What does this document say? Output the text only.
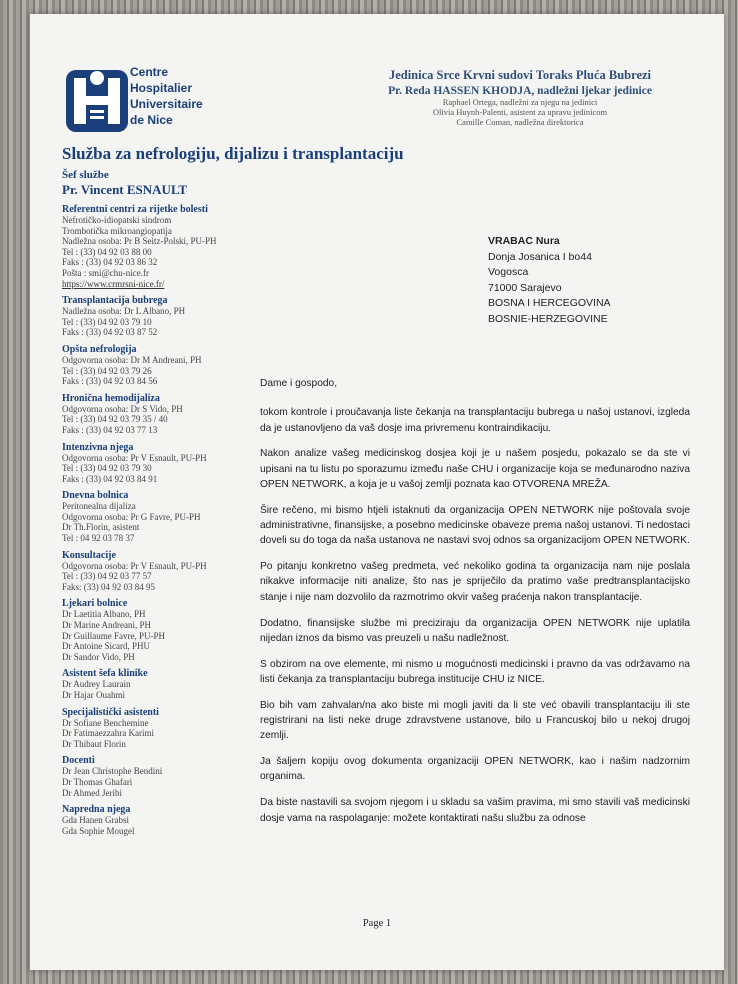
Centre
Hospitalier
Universitaire
de Nice
Jedinica Srce Krvni sudovi Toraks Pluća Bubrezi
Pr. Reda HASSEN KHODJA, nadležni ljekar jedinice
Raphael Ortega, nadležni za njegu na jedinici
Olivia Huynh-Palenti, asistent za upravu jedinicom
Camille Coman, nadležna direktorica
Služba za nefrologiju, dijalizu i transplantaciju
Šef službe
Pr. Vincent ESNAULT
Referentni centri za rijetke bolesti
Nefrotičko-idiopatski sindrom
Trombotička mikroangiopatija
Nadležna osoba: Pr B Seitz-Polski, PU-PH
Tel : (33) 04 92 03 88 00
Faks : (33) 04 92 03 86 32
Pošta : smi@chu-nice.fr
https://www.crmrsni-nice.fr/
Transplantacija bubrega
Nadležna osoba: Dr L Albano, PH
Tel : (33) 04 92 03 79 10
Faks : (33) 04 92 03 87 52
Opšta nefrologija
Odgovorna osoba: Dr M Andreani, PH
Tel : (33) 04 92 03 79 26
Faks : (33) 04 92 03 84 56
Hronična hemodijaliza
Odgovorna osoba: Dr S Vido, PH
Tel : (33) 04 92 03 79 35 / 40
Faks : (33) 04 92 03 77 13
Intenzivna njega
Odgovorna osoba: Pr V Esnault, PU-PH
Tel : (33) 04 92 03 79 30
Faks : (33) 04 92 03 84 91
Dnevna bolnica
Peritonealna dijaliza
Odgovorna osoba: Pr G Favre, PU-PH
Dr Th.Florin, asistent
Tel : 04 92 03 78 37
Konsultacije
Odgovorna osoba: Pr V Esnault, PU-PH
Tel : (33) 04 92 03 77 57
Faks: (33) 04 92 03 84 95
Ljekari bolnice
Dr Laetitia Albano, PH
Dr Marine Andreani, PH
Dr Guillaume Favre, PU-PH
Dr Antoine Sicard, PHU
Dr Sandor Vido, PH
Asistent šefa klinike
Dr Audrey Laurain
Dr Hajar Ouahmi
Specijalistički asistenti
Dr Sofiane Benchemine
Dr Fatimaezzahra Karimi
Dr Thibaut Florin
Docenti
Dr Jean Christophe Bendini
Dr Thomas Ghafari
Dr Ahmed Jeribi
Napredna njega
Gda Hanen Grabsi
Gda Sophie Mougel
VRABAC Nura
Donja Josanica I bo44
Vogosca
71000 Sarajevo
BOSNA I HERCEGOVINA
BOSNIE-HERZEGOVINE

Dame i gospodo,

tokom kontrole i proučavanja liste čekanja na transplantaciju bubrega u našoj ustanovi, izgleda da je ustanovljeno da vaš dosje ima privremenu kontraindikaciju.

Nakon analize vašeg medicinskog dosjea koji je u našem posjedu, pokazalo se da ste vi upisani na tu listu po sporazumu između naše CHU i organizacije koja se međunarodno naziva OPEN NETWORK, a koja je u vašoj zemlji poznata kao OTVORENA MREŽA.

Šire rečeno, mi bismo htjeli istaknuti da organizacija OPEN NETWORK nije poštovala svoje administrativne, finansijske, a posebno medicinske obaveze prema našoj ustanovi. Ti nedostaci doveli su do toga da naša ustanova ne nastavi svoj odnos sa organizacijom OPEN NETWORK.

Po pitanju konkretno vašeg predmeta, već nekoliko godina ta organizacija nam nije poslala nikakve informacije niti analize, što nas je spriječilo da pratimo vaše predtransplantacijsko stanje i nije nam dozvolilo da razmotrimo okvir vašeg praćenja nakon transplantacije.

Dodatno, finansijske službe mi preciziraju da organizacija OPEN NETWORK nije uplatila nijedan iznos da bismo vas preuzeli u našu nadležnost.

S obzirom na ove elemente, mi nismo u mogućnosti medicinski i pravno da vas održavamo na listi čekanja za transplantaciju bubrega institucije CHU iz NICE.

Bio bih vam zahvalan/na ako biste mi mogli javiti da li ste već obavili transplantaciju ili ste registrirani na listi neke druge zdravstvene ustanove, bilo u Francuskoj bilo u nekoj drugoj zemlji.

Ja šaljem kopiju ovog dokumenta organizaciji OPEN NETWORK, kao i našim nadzornim organima.

Da biste nastavili sa svojom njegom i u skladu sa vašim pravima, mi smo stavili vaš medicinski dosje vama na raspolaganje: možete kontaktirati našu službu za odnose

Page 1
